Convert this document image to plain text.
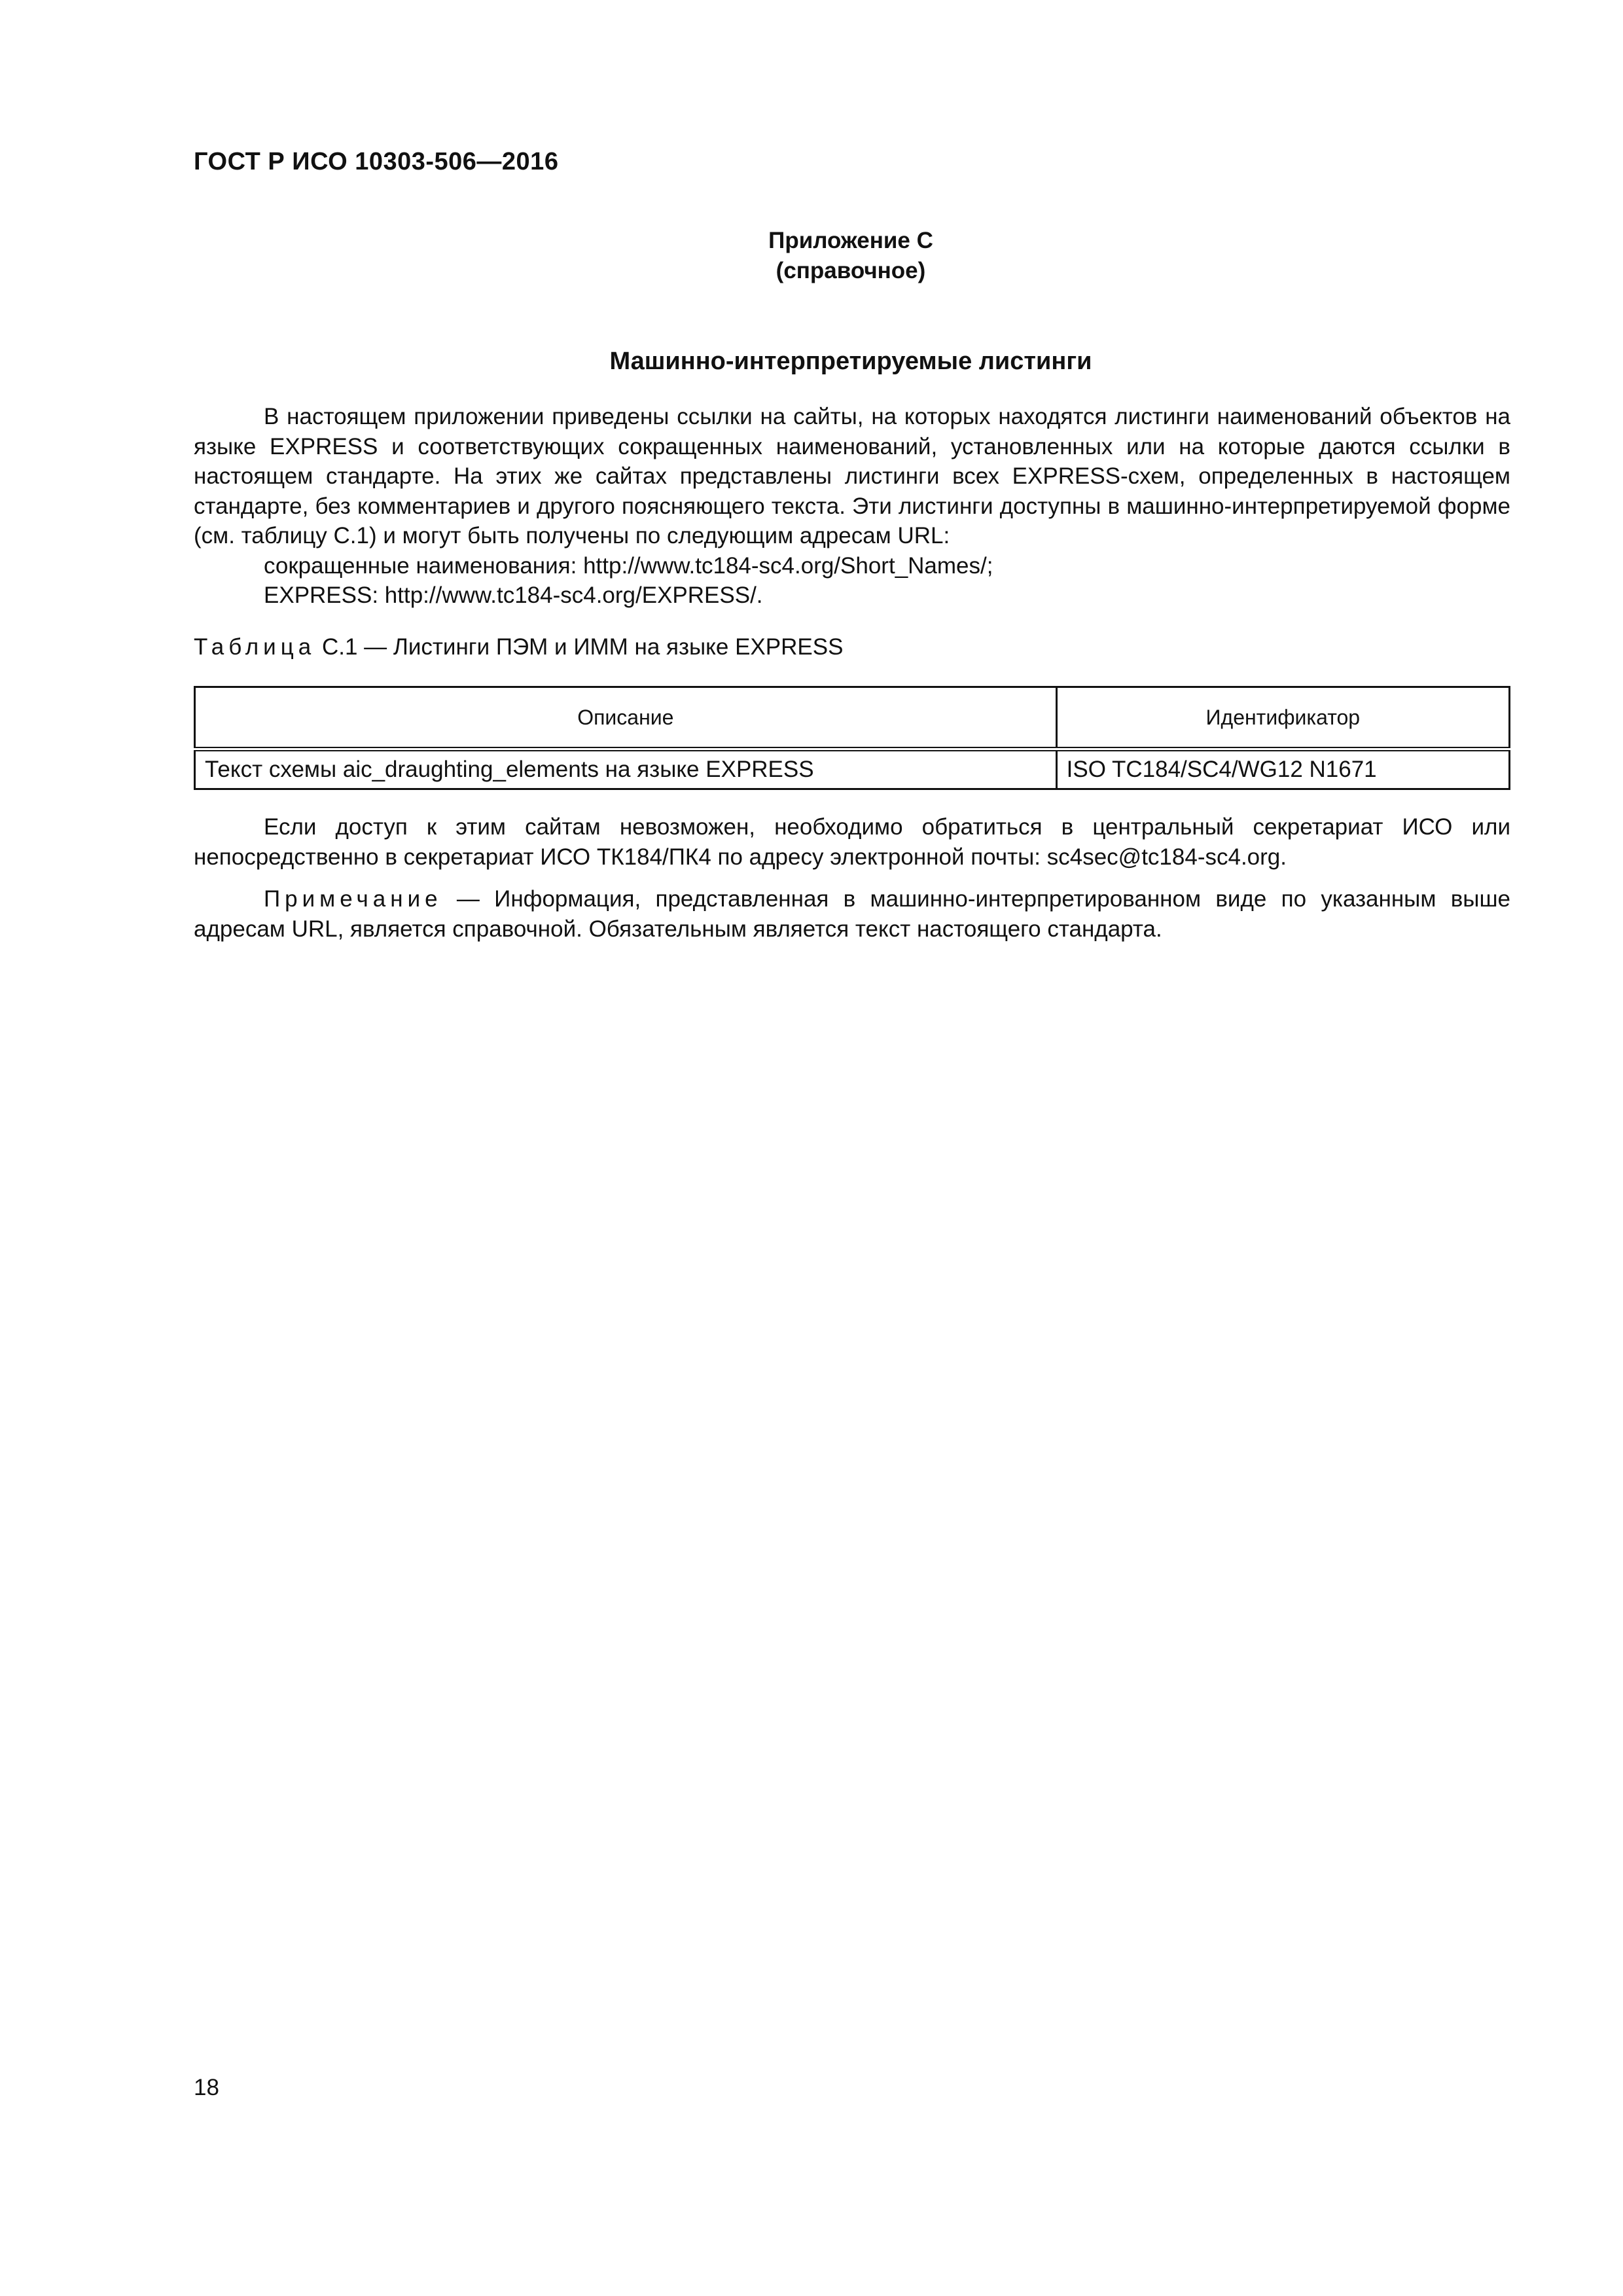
ГОСТ Р ИСО 10303-506—2016
Приложение С
(справочное)
Машинно-интерпретируемые листинги

В настоящем приложении приведены ссылки на сайты, на которых находятся листинги наименований объектов на языке EXPRESS и соответствующих сокращенных наименований, установленных или на которые даются ссылки в настоящем стандарте. На этих же сайтах представлены листинги всех EXPRESS-схем, определенных в настоящем стандарте, без комментариев и другого поясняющего текста. Эти листинги доступны в машинно-интерпретируемой форме (см. таблицу С.1) и могут быть получены по следующим адресам URL:

сокращенные наименования: http://www.tc184-sc4.org/Short_Names/;

EXPRESS: http://www.tc184-sc4.org/EXPRESS/.

Таблица С.1 — Листинги ПЭМ и ИММ на языке EXPRESS
Описание	Идентификатор
Текст схемы aic_draughting_elements на языке EXPRESS	ISO TC184/SC4/WG12 N1671

Если доступ к этим сайтам невозможен, необходимо обратиться в центральный секретариат ИСО или непосредственно в секретариат ИСО ТК184/ПК4 по адресу электронной почты: sc4sec@tc184-sc4.org.

Примечание — Информация, представленная в машинно-интерпретированном виде по указанным выше адресам URL, является справочной. Обязательным является текст настоящего стандарта.

18
